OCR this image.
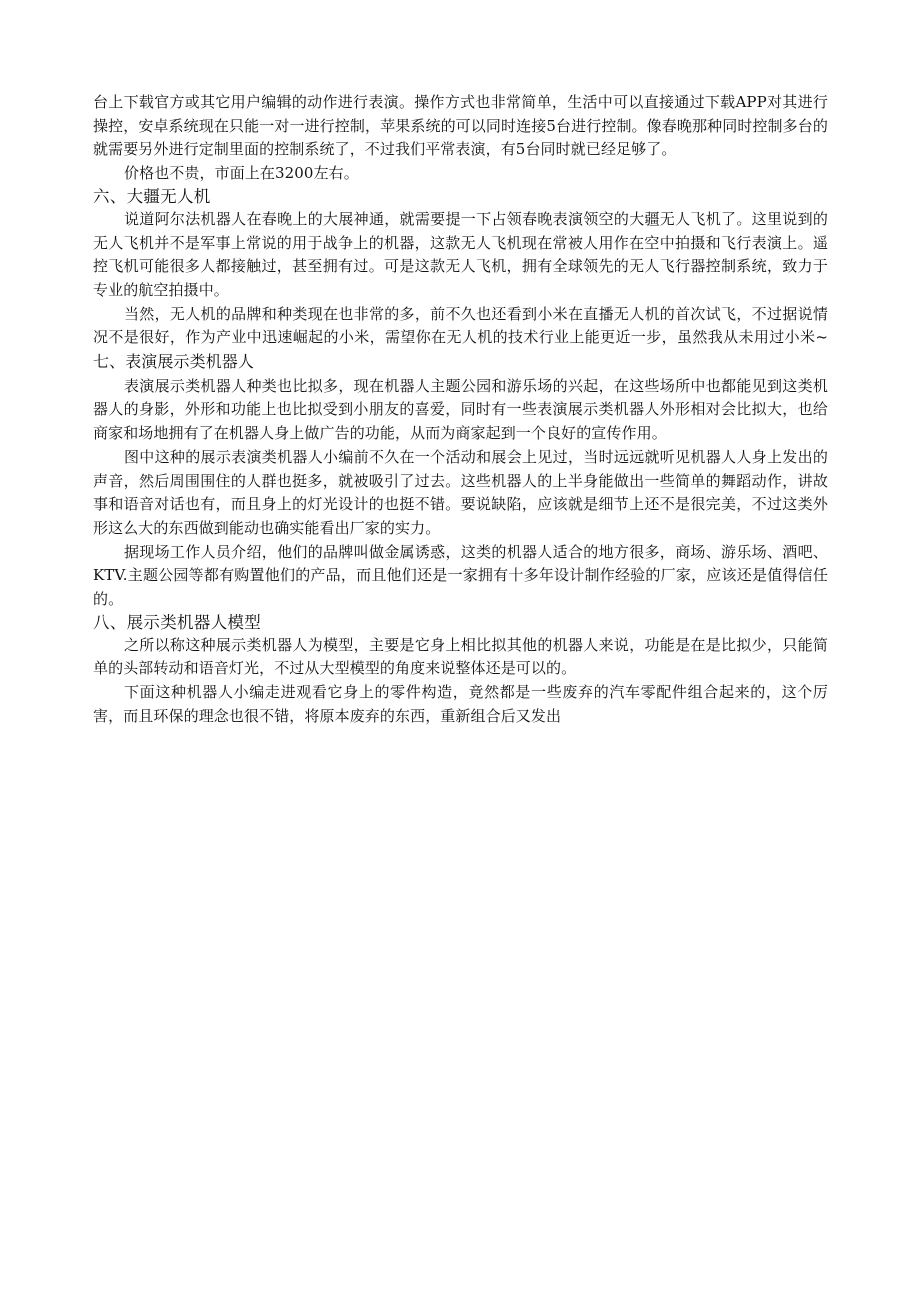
台上下载官方或其它用户编辑的动作进行表演。操作方式也非常简单，生活中可以直接通过下载APP对其进行操控，安卓系统现在只能一对一进行控制，苹果系统的可以同时连接5台进行控制。像春晚那种同时控制多台的就需要另外进行定制里面的控制系统了，不过我们平常表演，有5台同时就已经足够了。

价格也不贵，市面上在3200左右。

六、大疆无人机

说道阿尔法机器人在春晚上的大展神通，就需要提一下占领春晚表演领空的大疆无人飞机了。这里说到的无人飞机并不是军事上常说的用于战争上的机器，这款无人飞机现在常被人用作在空中拍摄和飞行表演上。遥控飞机可能很多人都接触过，甚至拥有过。可是这款无人飞机，拥有全球领先的无人飞行器控制系统，致力于专业的航空拍摄中。

当然，无人机的品牌和种类现在也非常的多，前不久也还看到小米在直播无人机的首次试飞，不过据说情况不是很好，作为产业中迅速崛起的小米，需望你在无人机的技术行业上能更近一步，虽然我从未用过小米~七、表演展示类机器人

表演展示类机器人种类也比拟多，现在机器人主题公园和游乐场的兴起，在这些场所中也都能见到这类机器人的身影，外形和功能上也比拟受到小朋友的喜爱，同时有一些表演展示类机器人外形相对会比拟大，也给商家和场地拥有了在机器人身上做广告的功能，从而为商家起到一个良好的宣传作用。

图中这种的展示表演类机器人小编前不久在一个活动和展会上见过，当时远远就听见机器人人身上发出的声音，然后周围围住的人群也挺多，就被吸引了过去。这些机器人的上半身能做出一些简单的舞蹈动作，讲故事和语音对话也有，而且身上的灯光设计的也挺不错。要说缺陷，应该就是细节上还不是很完美，不过这类外形这么大的东西做到能动也确实能看出厂家的实力。

据现场工作人员介绍，他们的品牌叫做金属诱惑，这类的机器人适合的地方很多，商场、游乐场、酒吧、KTV.主题公园等都有购置他们的产品，而且他们还是一家拥有十多年设计制作经验的厂家，应该还是值得信任的。

八、展示类机器人模型

之所以称这种展示类机器人为模型，主要是它身上相比拟其他的机器人来说，功能是在是比拟少，只能简单的头部转动和语音灯光，不过从大型模型的角度来说整体还是可以的。

下面这种机器人小编走进观看它身上的零件构造，竟然都是一些废弃的汽车零配件组合起来的，这个厉害，而且环保的理念也很不错，将原本废弃的东西，重新组合后又发出
